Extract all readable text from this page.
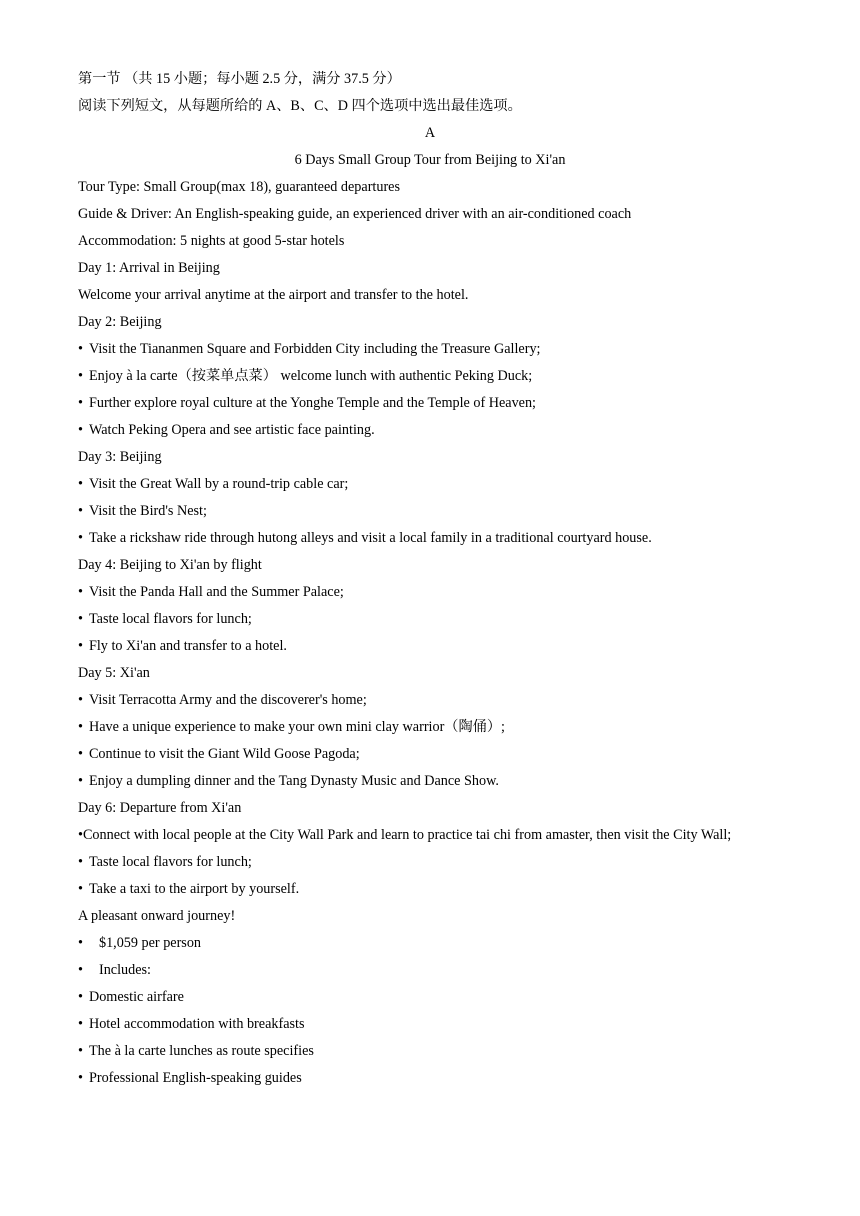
第一节 （共 15 小题；每小题 2.5 分，满分 37.5 分）
阅读下列短文，从每题所给的 A、B、C、D 四个选项中选出最佳选项。
A
6 Days Small Group Tour from Beijing to Xi'an
Tour Type: Small Group(max 18), guaranteed departures
Guide & Driver: An English-speaking guide, an experienced driver with an air-conditioned coach
Accommodation: 5 nights at good 5-star hotels
Day 1: Arrival in Beijing
Welcome your arrival anytime at the airport and transfer to the hotel.
Day 2: Beijing
• Visit the Tiananmen Square and Forbidden City including the Treasure Gallery;
• Enjoy à la carte（按菜单点菜） welcome lunch with authentic Peking Duck;
• Further explore royal culture at the Yonghe Temple and the Temple of Heaven;
• Watch Peking Opera and see artistic face painting.
Day 3: Beijing
• Visit the Great Wall by a round-trip cable car;
• Visit the Bird's Nest;
• Take a rickshaw ride through hutong alleys and visit a local family in a traditional courtyard house.
Day 4: Beijing to Xi'an by flight
• Visit the Panda Hall and the Summer Palace;
• Taste local flavors for lunch;
• Fly to Xi'an and transfer to a hotel.
Day 5: Xi'an
• Visit Terracotta Army and the discoverer's home;
• Have a unique experience to make your own mini clay warrior（陶俑）;
• Continue to visit the Giant Wild Goose Pagoda;
• Enjoy a dumpling dinner and the Tang Dynasty Music and Dance Show.
Day 6: Departure from Xi'an
•Connect with local people at the City Wall Park and learn to practice tai chi from amaster, then visit the City Wall;
• Taste local flavors for lunch;
• Take a taxi to the airport by yourself.
A pleasant onward journey!
• $1,059 per person
• Includes:
• Domestic airfare
• Hotel accommodation with breakfasts
• The à la carte lunches as route specifies
• Professional English-speaking guides
